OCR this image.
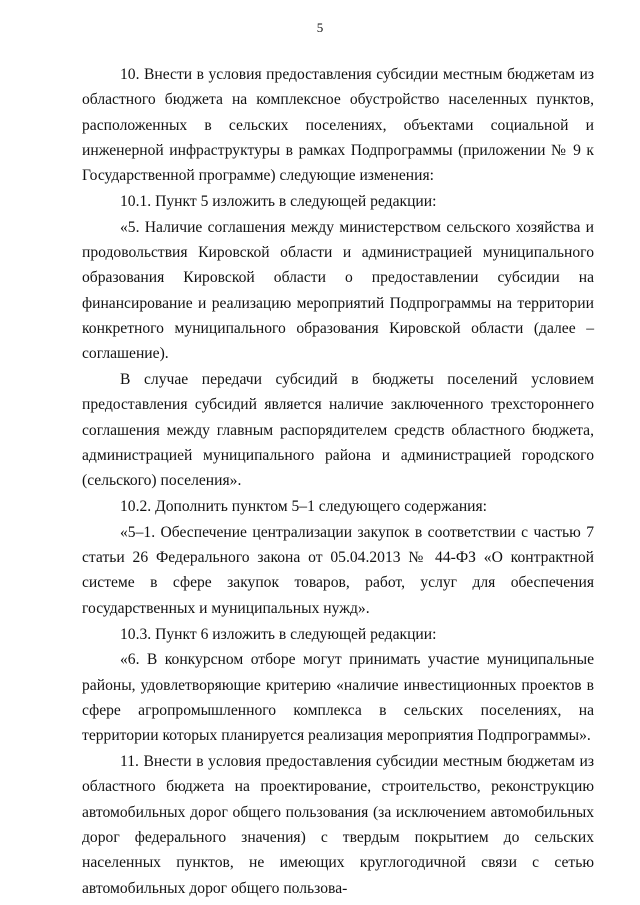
5

10. Внести в условия предоставления субсидии местным бюджетам из областного бюджета на комплексное обустройство населенных пунктов, расположенных в сельских поселениях, объектами социальной и инженерной инфраструктуры в рамках Подпрограммы (приложении № 9 к Государственной программе) следующие изменения:

10.1. Пункт 5 изложить в следующей редакции:

«5. Наличие соглашения между министерством сельского хозяйства и продовольствия Кировской области и администрацией муниципального образования Кировской области о предоставлении субсидии на финансирование и реализацию мероприятий Подпрограммы на территории конкретного муниципального образования Кировской области (далее – соглашение).

В случае передачи субсидий в бюджеты поселений условием предоставления субсидий является наличие заключенного трехстороннего соглашения между главным распорядителем средств областного бюджета, администрацией муниципального района и администрацией городского (сельского) поселения».

10.2. Дополнить пунктом 5–1 следующего содержания:

«5–1. Обеспечение централизации закупок в соответствии с частью 7 статьи 26 Федерального закона от 05.04.2013 № 44-ФЗ «О контрактной системе в сфере закупок товаров, работ, услуг для обеспечения государственных и муниципальных нужд».

10.3. Пункт 6 изложить в следующей редакции:

«6. В конкурсном отборе могут принимать участие муниципальные районы, удовлетворяющие критерию «наличие инвестиционных проектов в сфере агропромышленного комплекса в сельских поселениях, на территории которых планируется реализация мероприятия Подпрограммы».

11. Внести в условия предоставления субсидии местным бюджетам из областного бюджета на проектирование, строительство, реконструкцию автомобильных дорог общего пользования (за исключением автомобильных дорог федерального значения) с твердым покрытием до сельских населенных пунктов, не имеющих круглогодичной связи с сетью автомобильных дорог общего пользова-
